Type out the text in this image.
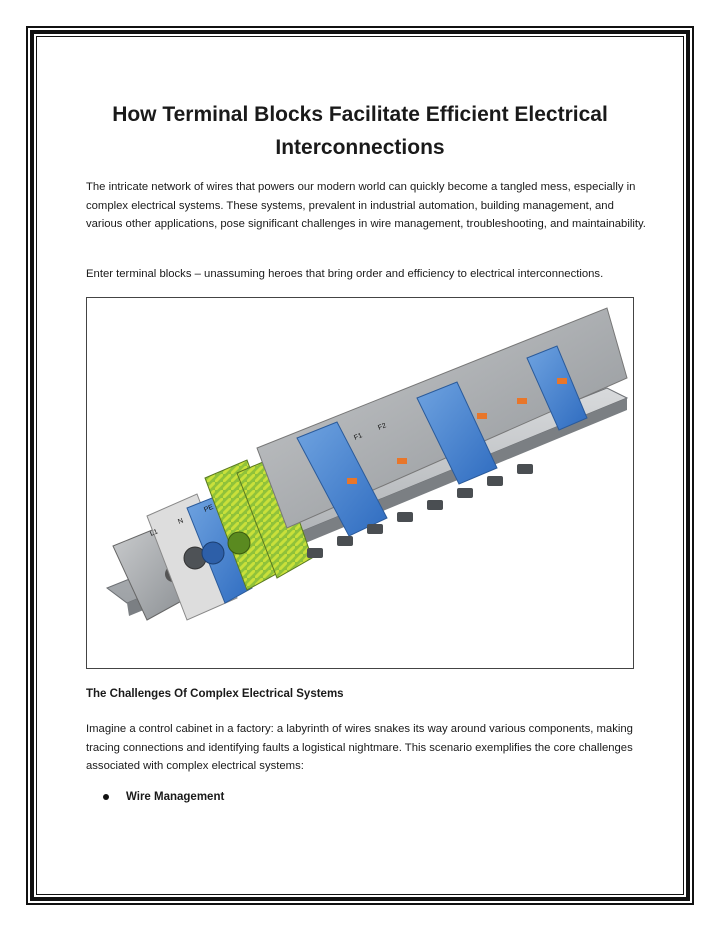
How Terminal Blocks Facilitate Efficient Electrical Interconnections
The intricate network of wires that powers our modern world can quickly become a tangled mess, especially in complex electrical systems. These systems, prevalent in industrial automation, building management, and various other applications, pose significant challenges in wire management, troubleshooting, and maintainability.
Enter terminal blocks – unassuming heroes that bring order and efficiency to electrical interconnections.
L1
N
PE
F1
F2
The Challenges Of Complex Electrical Systems
Imagine a control cabinet in a factory: a labyrinth of wires snakes its way around various components, making tracing connections and identifying faults a logistical nightmare. This scenario exemplifies the core challenges associated with complex electrical systems:
Wire Management
